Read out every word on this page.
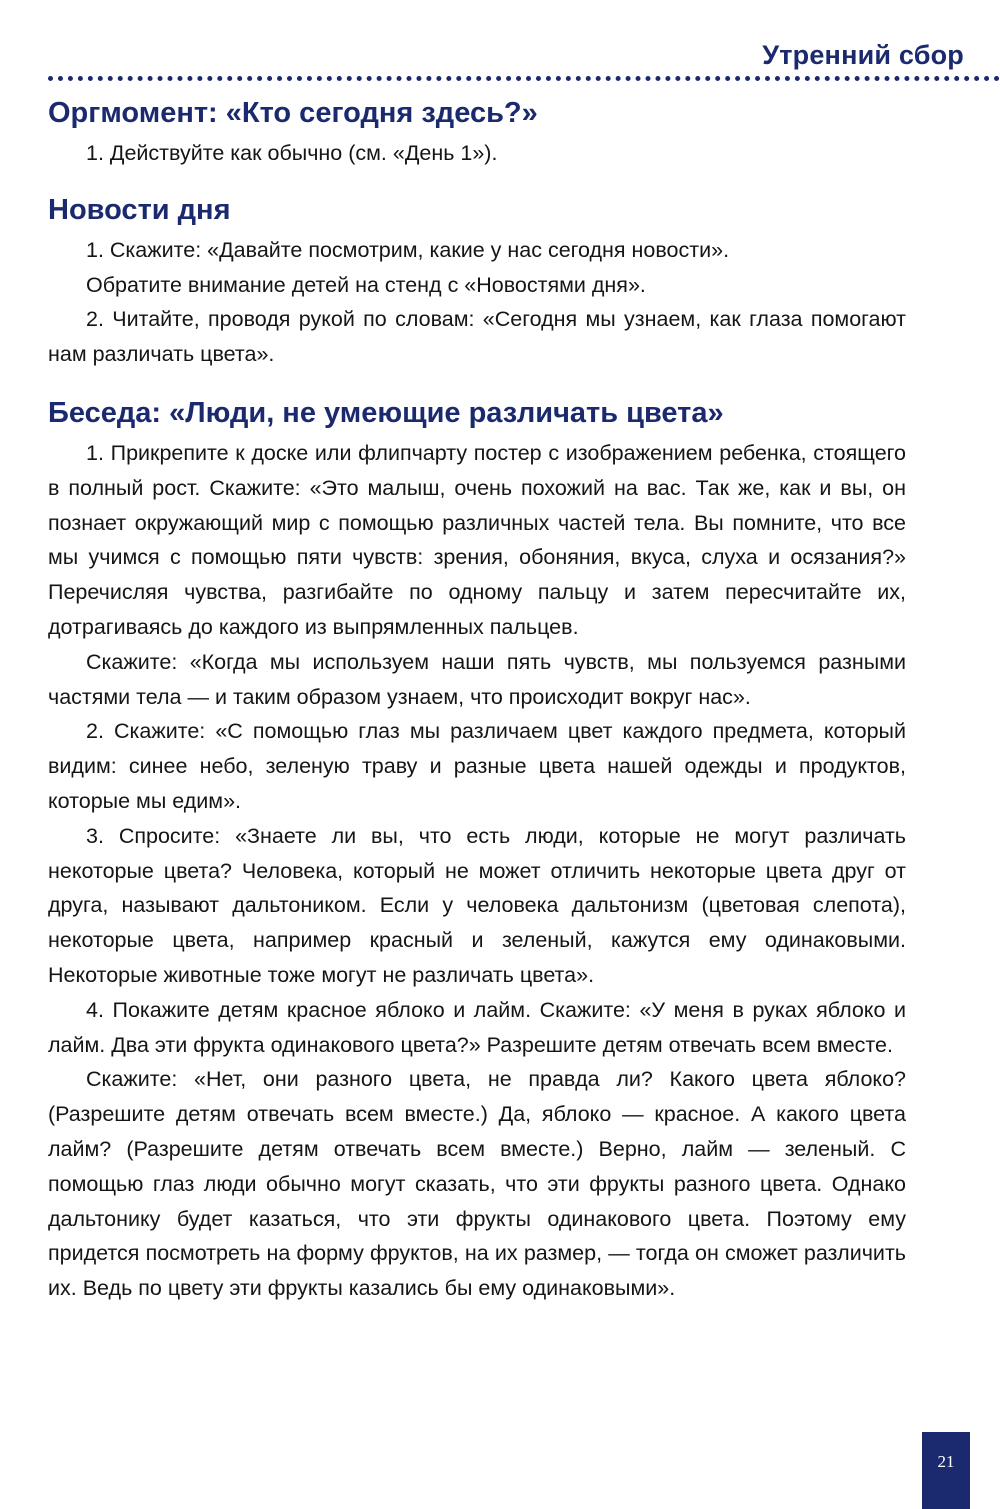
Утренний сбор
Оргмомент: «Кто сегодня здесь?»

1. Действуйте как обычно (см. «День 1»).

Новости дня

1. Скажите: «Давайте посмотрим, какие у нас сегодня новости».

Обратите внимание детей на стенд с «Новостями дня».

2. Читайте, проводя рукой по словам: «Сегодня мы узнаем, как глаза помогают нам различать цвета».

Беседа: «Люди, не умеющие различать цвета»

1. Прикрепите к доске или флипчарту постер с изображением ребенка, стоящего в полный рост. Скажите: «Это малыш, очень похожий на вас. Так же, как и вы, он познает окружающий мир с помощью различных частей тела. Вы помните, что все мы учимся с помощью пяти чувств: зрения, обоняния, вкуса, слуха и осязания?» Перечисляя чувства, разгибайте по одному пальцу и затем пересчитайте их, дотрагиваясь до каждого из выпрямленных пальцев.

Скажите: «Когда мы используем наши пять чувств, мы пользуемся разными частями тела — и таким образом узнаем, что происходит вокруг нас».

2. Скажите: «С помощью глаз мы различаем цвет каждого предмета, который видим: синее небо, зеленую траву и разные цвета нашей одежды и продуктов, которые мы едим».

3. Спросите: «Знаете ли вы, что есть люди, которые не могут различать некоторые цвета? Человека, который не может отличить некоторые цвета друг от друга, называют дальтоником. Если у человека дальтонизм (цветовая слепота), некоторые цвета, например красный и зеленый, кажутся ему одинаковыми. Некоторые животные тоже могут не различать цвета».

4. Покажите детям красное яблоко и лайм. Скажите: «У меня в руках яблоко и лайм. Два эти фрукта одинакового цвета?» Разрешите детям отвечать всем вместе.

Скажите: «Нет, они разного цвета, не правда ли? Какого цвета яблоко? (Разрешите детям отвечать всем вместе.) Да, яблоко — красное. А какого цвета лайм? (Разрешите детям отвечать всем вместе.) Верно, лайм — зеленый. С помощью глаз люди обычно могут сказать, что эти фрукты разного цвета. Однако дальтонику будет казаться, что эти фрукты одинакового цвета. Поэтому ему придется посмотреть на форму фруктов, на их размер, — тогда он сможет различить их. Ведь по цвету эти фрукты казались бы ему одинаковыми».

21
